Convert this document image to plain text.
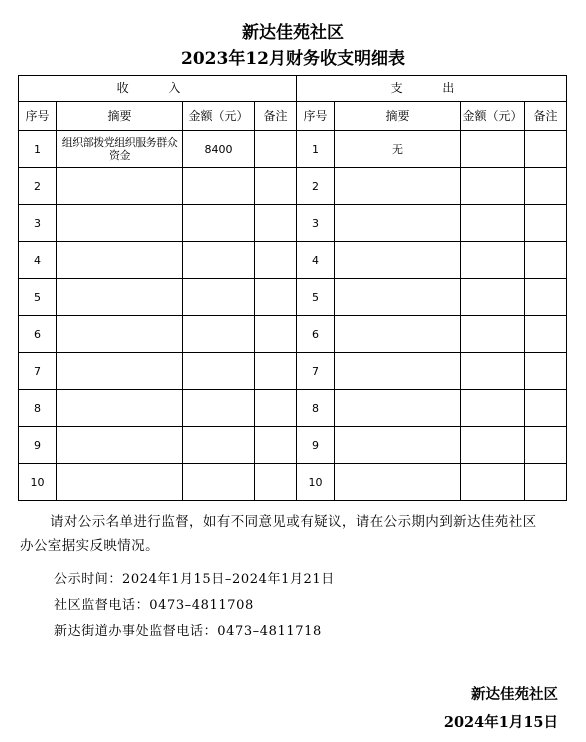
新达佳苑社区
2023年12月财务收支明细表
收 入				支 出			
序号	摘要	金额（元）	备注	序号	摘要	金额（元）	备注
1	组织部拨党组织服务群众资金	8400		1	无		
2				2			
3				3			
4				4			
5				5			
6				6			
7				7			
8				8			
9				9			
10				10			
请对公示名单进行监督，如有不同意见或有疑议，请在公示期内到新达佳苑社区办公室据实反映情况。
公示时间：2024年1月15日–2024年1月21日
社区监督电话：0473–4811708
新达街道办事处监督电话：0473–4811718
新达佳苑社区
2024年1月15日
